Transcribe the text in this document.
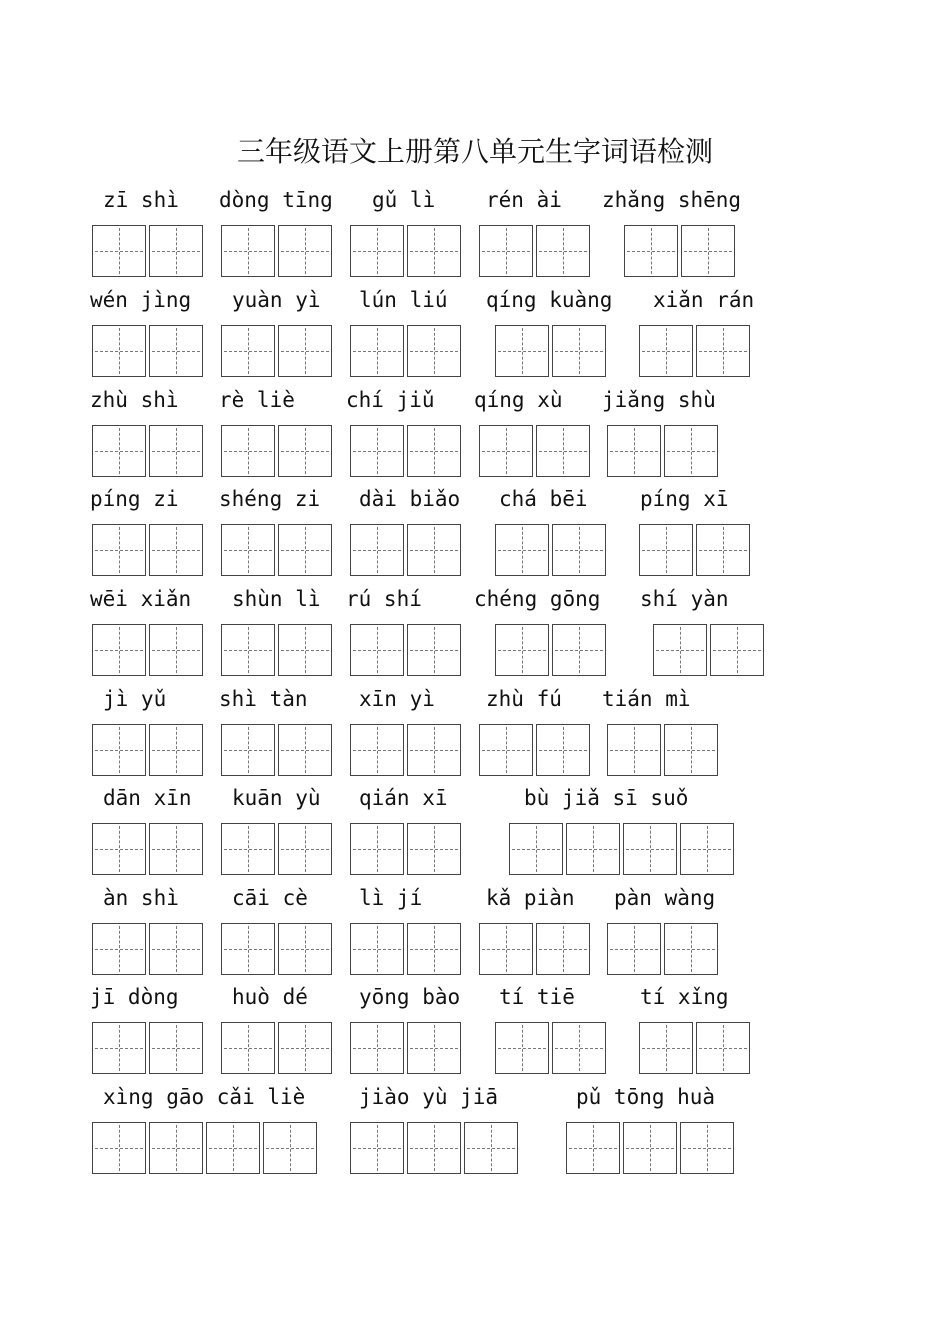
三年级语文上册第八单元生字词语检测
zī shì dòng tīng gǔ lì rén ài zhǎng shēng
wén jìng yuàn yì lún liú qíng kuàng xiǎn rán
zhù shì rè liè chí jiǔ qíng xù jiǎng shù
píng zi shéng zi dài biǎo chá bēi píng xī
wēi xiǎn shùn lì rú shí chéng gōng shí yàn
jì yǔ	shì tàn xīn yì zhù fú tián mì
dān xīn kuān yù qián xī	bù jiǎ sī suǒ
àn shì	cāi cè lì jí	kǎ piàn pàn wàng
jī dòng	huò dé yōng bào tí tiē	tí xǐng
xìng gāo cǎi liè	jiào yù jiā	pǔ tōng huà
